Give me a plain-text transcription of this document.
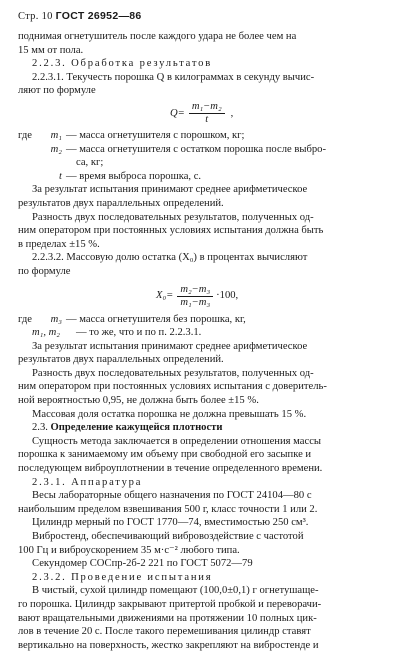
Стр. 10 ГОСТ 26952—86

поднимая огнетушитель после каждого удара не более чем на

15 мм от пола.

2.2.3. Обработка результатов

2.2.3.1. Текучесть порошка Q в килограммах в секунду вычис-

ляют по формуле

$Q= \frac{\text{m₁−m₂}}{t}$ ,
где	m₁ — масса огнетушителя с порошком, кг;
m₂ — масса огнетушителя с остатком порошка после выбро-

са, кг;

t — время выброса порошка, с.

За результат испытания принимают среднее арифметическое

результатов двух параллельных определений.

Разность двух последовательных результатов, полученных од-

ним оператором при постоянных условиях испытания должна быть

в пределах ±15 %.

2.2.3.2. Массовую долю остатка (X₀) в процентах вычисляют

по формуле

$X_0= \frac{\text{m₂−m₃}}{\text{m₁−m₃}} \cdot 100$,
где	m₃ — масса огнетушителя без порошка, кг,
m₁, m₂	— то же, что и по п. 2.2.3.1.

За результат испытания принимают среднее арифметическое

результатов двух параллельных определений.

Разность двух последовательных результатов, полученных од-

ним оператором при постоянных условиях испытания с доверитель-

ной вероятностью 0,95, не должна быть более ±15 %.

Массовая доля остатка порошка не должна превышать 15 %.

2.3. Определение кажущейся плотности

Сущность метода заключается в определении отношения массы

порошка к занимаемому им объему при свободной его засыпке и

последующем виброуплотнении в течение определенного времени.

2.3.1. Аппаратура

Весы лабораторные общего назначения по ГОСТ 24104—80 с

наибольшим пределом взвешивания 500 г, класс точности 1 или 2.

Цилиндр мерный по ГОСТ 1770—74, вместимостью 250 см³.

Вибростенд, обеспечивающий вибровоздействие с частотой

100 Гц и виброускорением 35 м·с⁻² любого типа.

Секундомер СОСпр-2б-2 221 по ГОСТ 5072—79

2.3.2. Проведение испытания

В чистый, сухой цилиндр помещают (100,0±0,1) г огнетушаще-

го порошка. Цилиндр закрывают притертой пробкой и переворачи-

вают вращательными движениями на протяжении 10 полных цик-

лов в течение 20 с. После такого перемешивания цилиндр ставят

вертикально на поверхность, жестко закрепляют на вибростенде и
